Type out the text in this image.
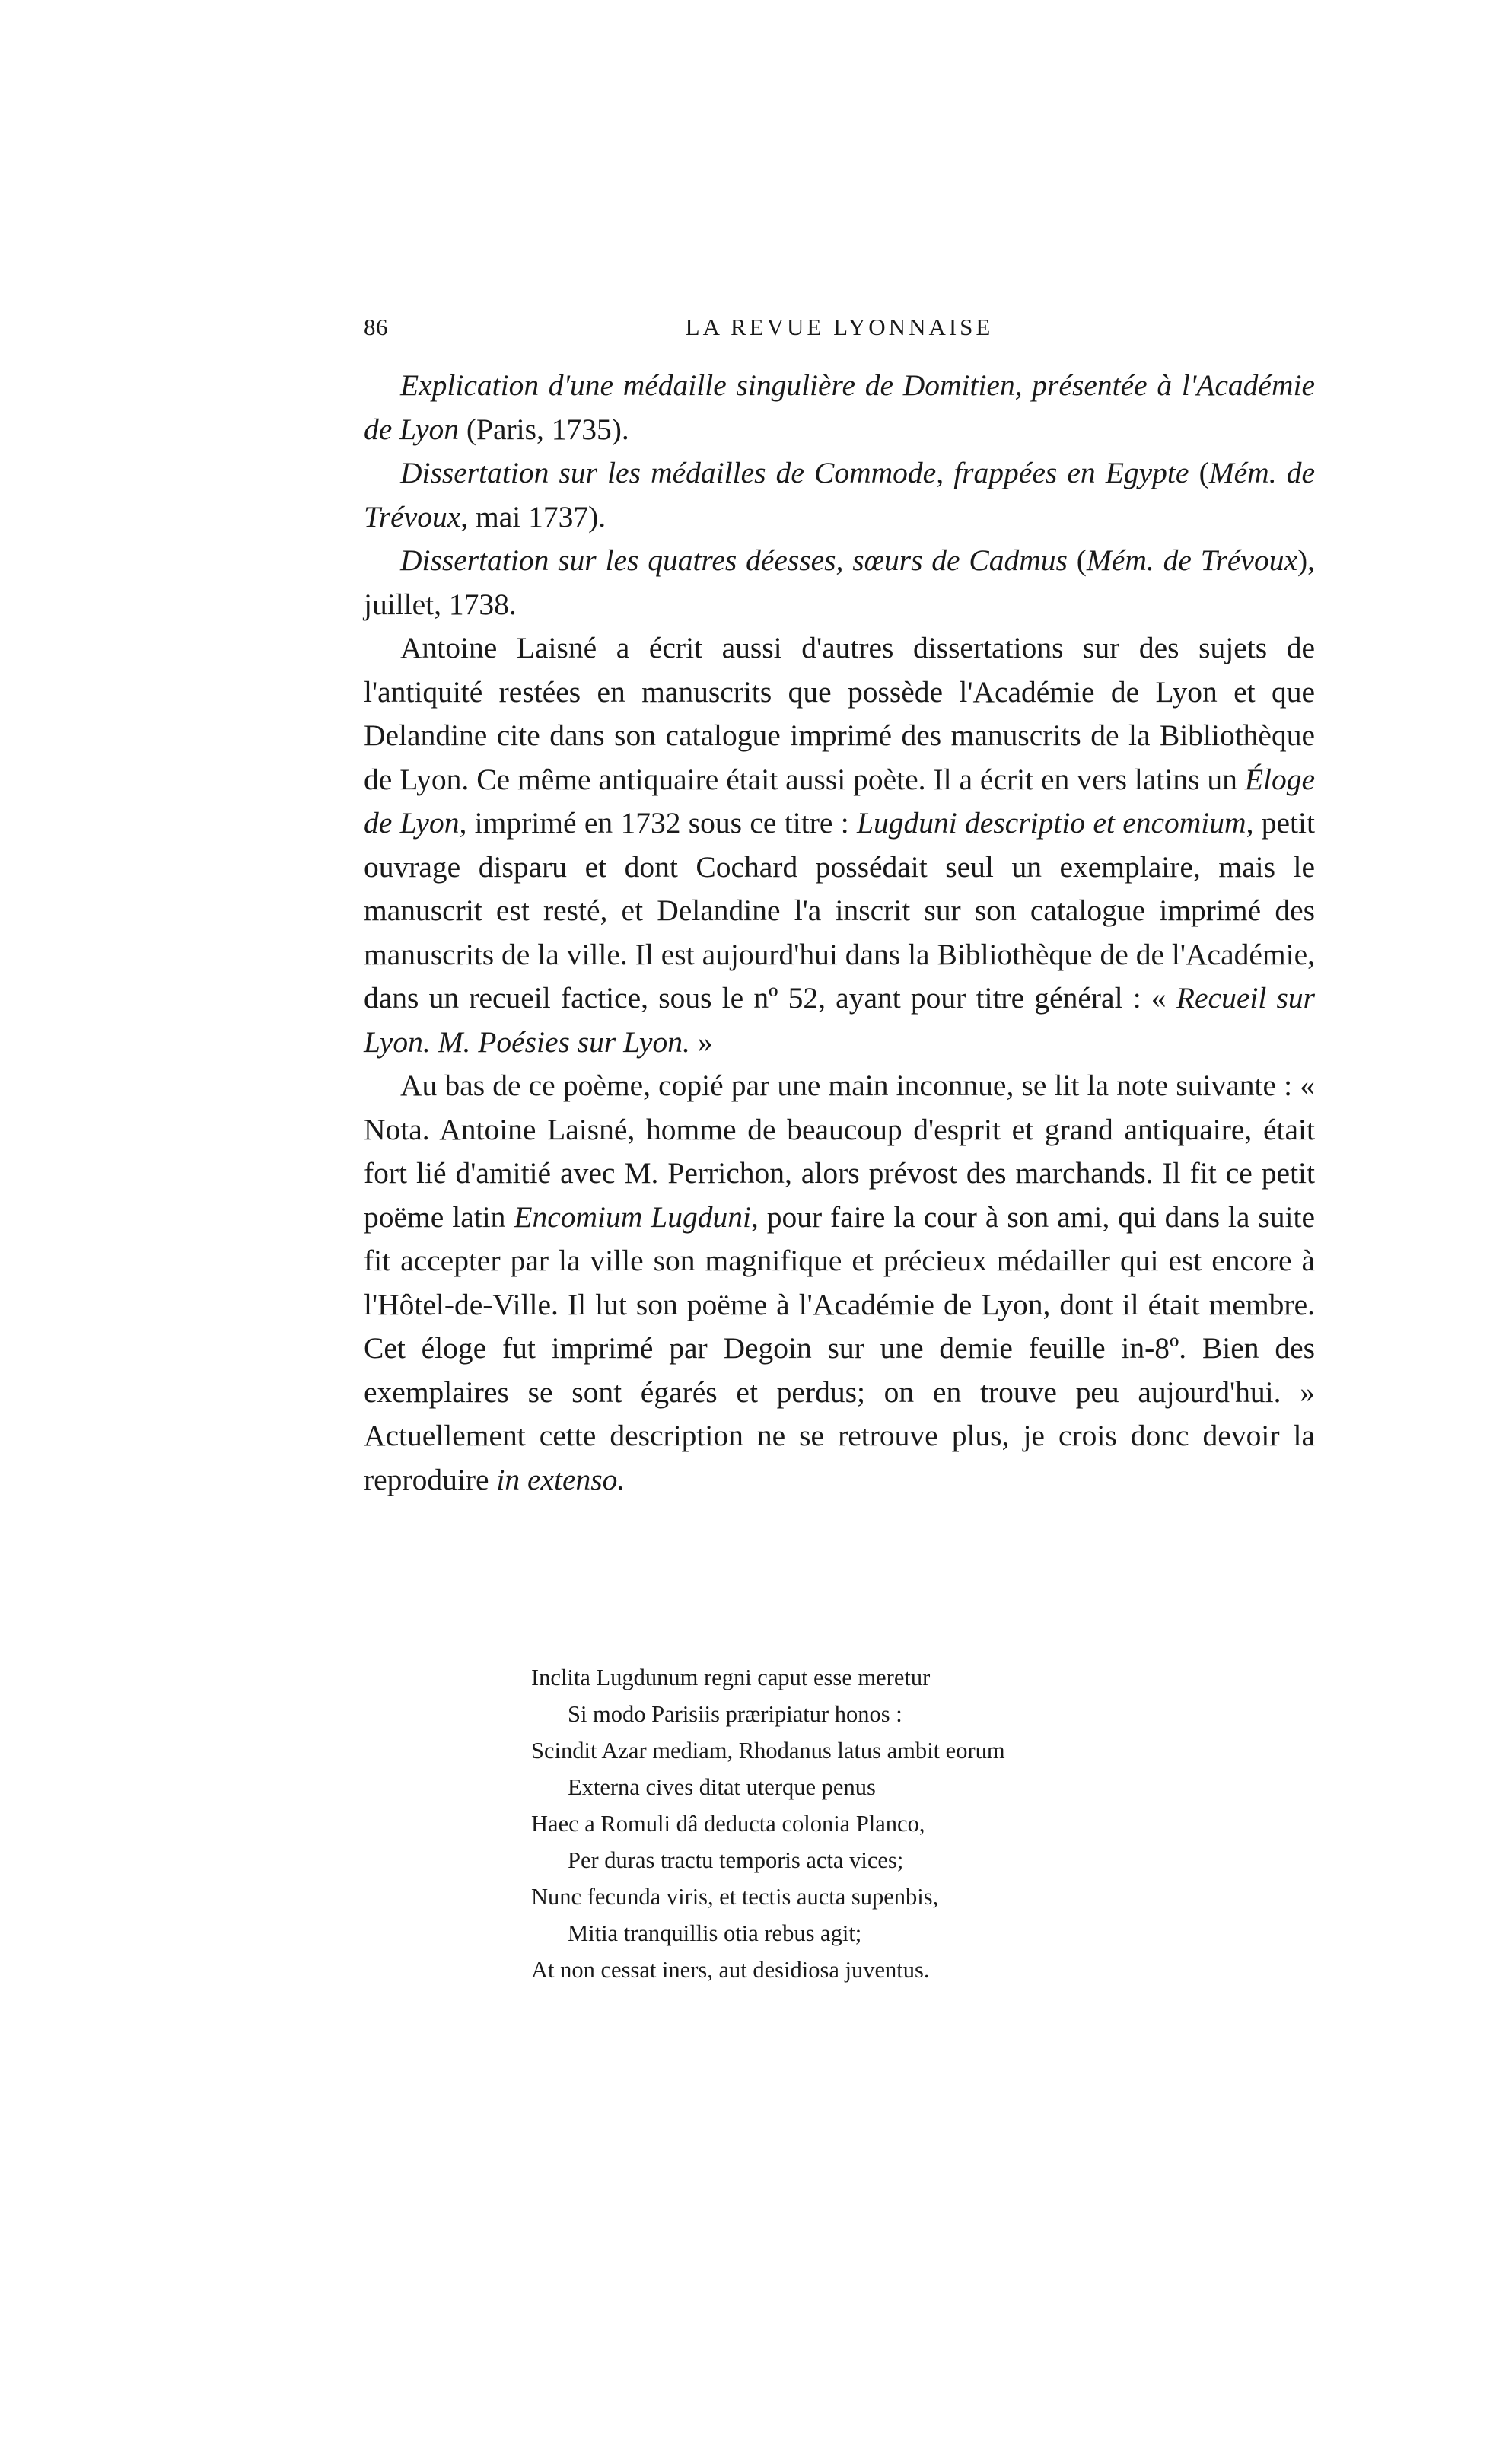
86	LA REVUE LYONNAISE

Explication d'une médaille singulière de Domitien, présentée à l'Académie de Lyon (Paris, 1735).

Dissertation sur les médailles de Commode, frappées en Egypte (Mém. de Trévoux, mai 1737).

Dissertation sur les quatres déesses, sœurs de Cadmus (Mém. de Trévoux), juillet, 1738.

Antoine Laisné a écrit aussi d'autres dissertations sur des sujets de l'antiquité restées en manuscrits que possède l'Académie de Lyon et que Delandine cite dans son catalogue imprimé des manuscrits de la Bibliothèque de Lyon. Ce même antiquaire était aussi poète. Il a écrit en vers latins un Éloge de Lyon, imprimé en 1732 sous ce titre : Lugduni descriptio et encomium, petit ouvrage disparu et dont Cochard possédait seul un exemplaire, mais le manuscrit est resté, et Delandine l'a inscrit sur son catalogue imprimé des manuscrits de la ville. Il est aujourd'hui dans la Bibliothèque de de l'Académie, dans un recueil factice, sous le nº 52, ayant pour titre général : « Recueil sur Lyon. M. Poésies sur Lyon. »

Au bas de ce poème, copié par une main inconnue, se lit la note suivante : « Nota. Antoine Laisné, homme de beaucoup d'esprit et grand antiquaire, était fort lié d'amitié avec M. Perrichon, alors prévost des marchands. Il fit ce petit poëme latin Encomium Lugduni, pour faire la cour à son ami, qui dans la suite fit accepter par la ville son magnifique et précieux médailler qui est encore à l'Hôtel-de-Ville. Il lut son poëme à l'Académie de Lyon, dont il était membre. Cet éloge fut imprimé par Degoin sur une demie feuille in-8º. Bien des exemplaires se sont égarés et perdus; on en trouve peu aujourd'hui. » Actuellement cette description ne se retrouve plus, je crois donc devoir la reproduire in extenso.

Inclita Lugdunum regni caput esse meretur
Si modo Parisiis præripiatur honos :
Scindit Azar mediam, Rhodanus latus ambit eorum
Externa cives ditat uterque penus
Haec a Romuli dâ deducta colonia Planco,
Per duras tractu temporis acta vices;
Nunc fecunda viris, et tectis aucta supenbis,
Mitia tranquillis otia rebus agit;
At non cessat iners, aut desidiosa juventus.
